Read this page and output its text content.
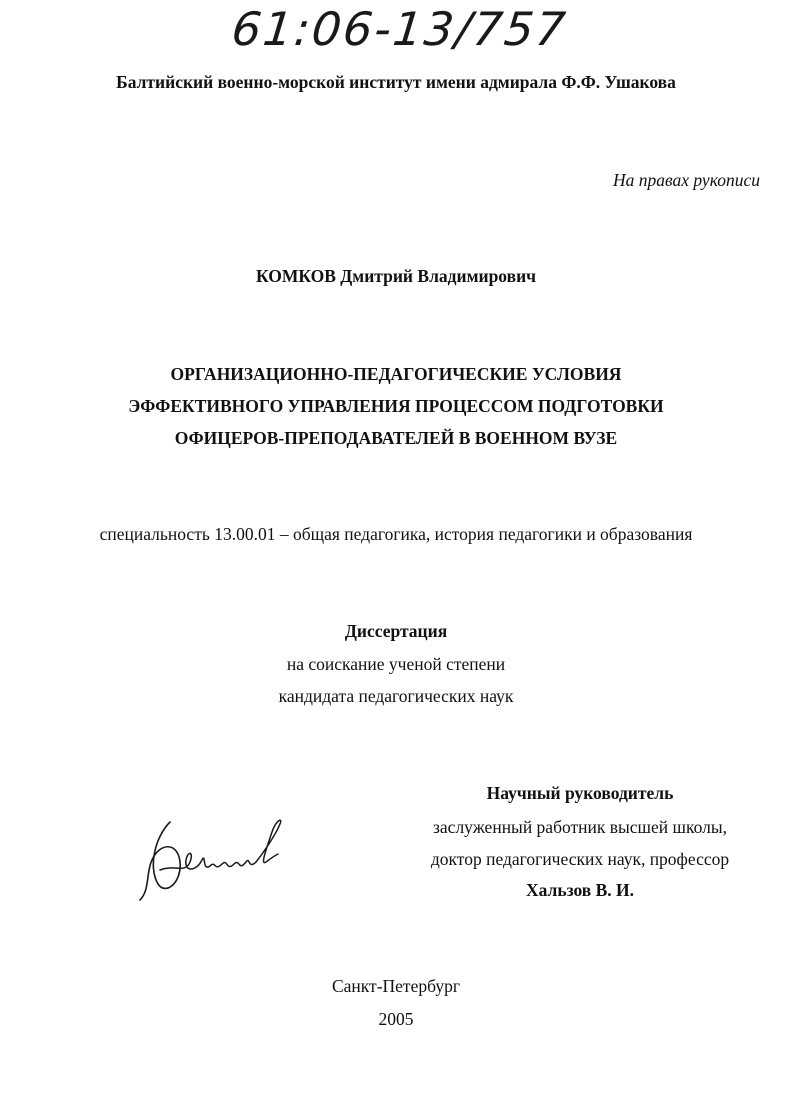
61:06-13/757
Балтийский военно-морской институт имени адмирала Ф.Ф. Ушакова
На правах рукописи
КОМКОВ Дмитрий Владимирович
ОРГАНИЗАЦИОННО-ПЕДАГОГИЧЕСКИЕ УСЛОВИЯ
ЭФФЕКТИВНОГО УПРАВЛЕНИЯ ПРОЦЕССОМ ПОДГОТОВКИ
ОФИЦЕРОВ-ПРЕПОДАВАТЕЛЕЙ В ВОЕННОМ ВУЗЕ
специальность 13.00.01 – общая педагогика, история педагогики и образования
Диссертация
на соискание ученой степени
кандидата педагогических наук
Научный руководитель
заслуженный работник высшей школы,
доктор педагогических наук, профессор
Хальзов В. И.
Санкт-Петербург
2005
